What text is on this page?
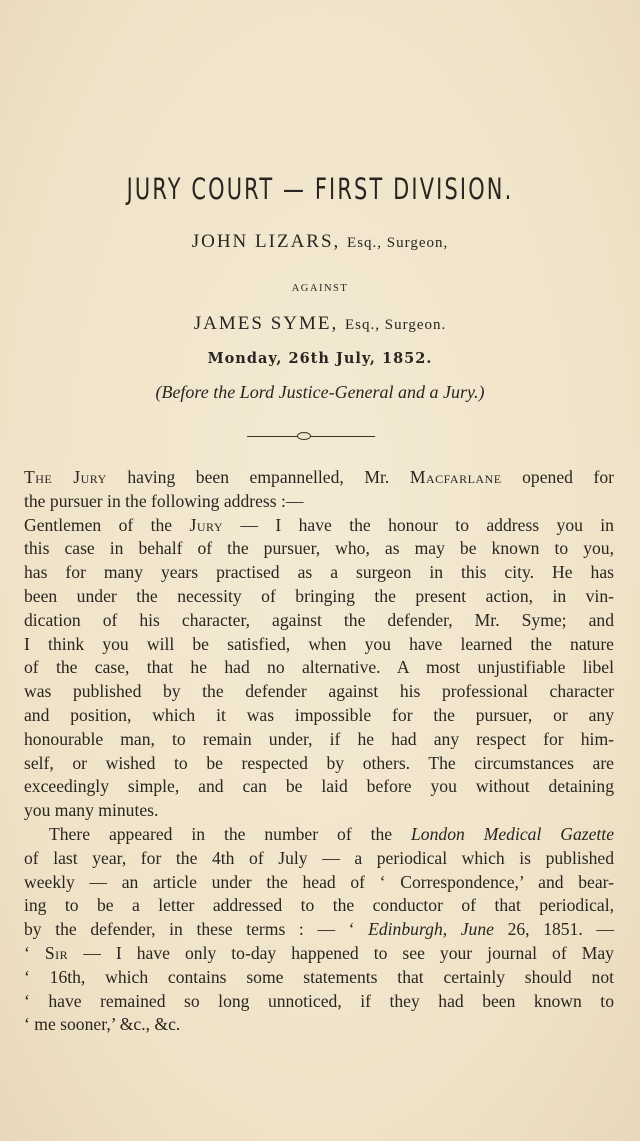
JURY COURT — FIRST DIVISION.
JOHN LIZARS, Esq., Surgeon,
AGAINST
JAMES SYME, Esq., Surgeon.
Monday, 26th July, 1852.
(Before the Lord Justice-General and a Jury.)
The Jury having been empannelled, Mr. Macfarlane opened for
the pursuer in the following address :—
Gentlemen of the Jury — I have the honour to address you in
this case in behalf of the pursuer, who, as may be known to you,
has for many years practised as a surgeon in this city. He has
been under the necessity of bringing the present action, in vin-
dication of his character, against the defender, Mr. Syme; and
I think you will be satisfied, when you have learned the nature
of the case, that he had no alternative. A most unjustifiable libel
was published by the defender against his professional character
and position, which it was impossible for the pursuer, or any
honourable man, to remain under, if he had any respect for him-
self, or wished to be respected by others. The circumstances are
exceedingly simple, and can be laid before you without detaining
you many minutes.
There appeared in the number of the London Medical Gazette
of last year, for the 4th of July — a periodical which is published
weekly — an article under the head of ‘ Correspondence,’ and bear-
ing to be a letter addressed to the conductor of that periodical,
by the defender, in these terms : — ‘ Edinburgh, June 26, 1851. —
‘ Sir — I have only to-day happened to see your journal of May
‘ 16th, which contains some statements that certainly should not
‘ have remained so long unnoticed, if they had been known to
‘ me sooner,’ &c., &c.
